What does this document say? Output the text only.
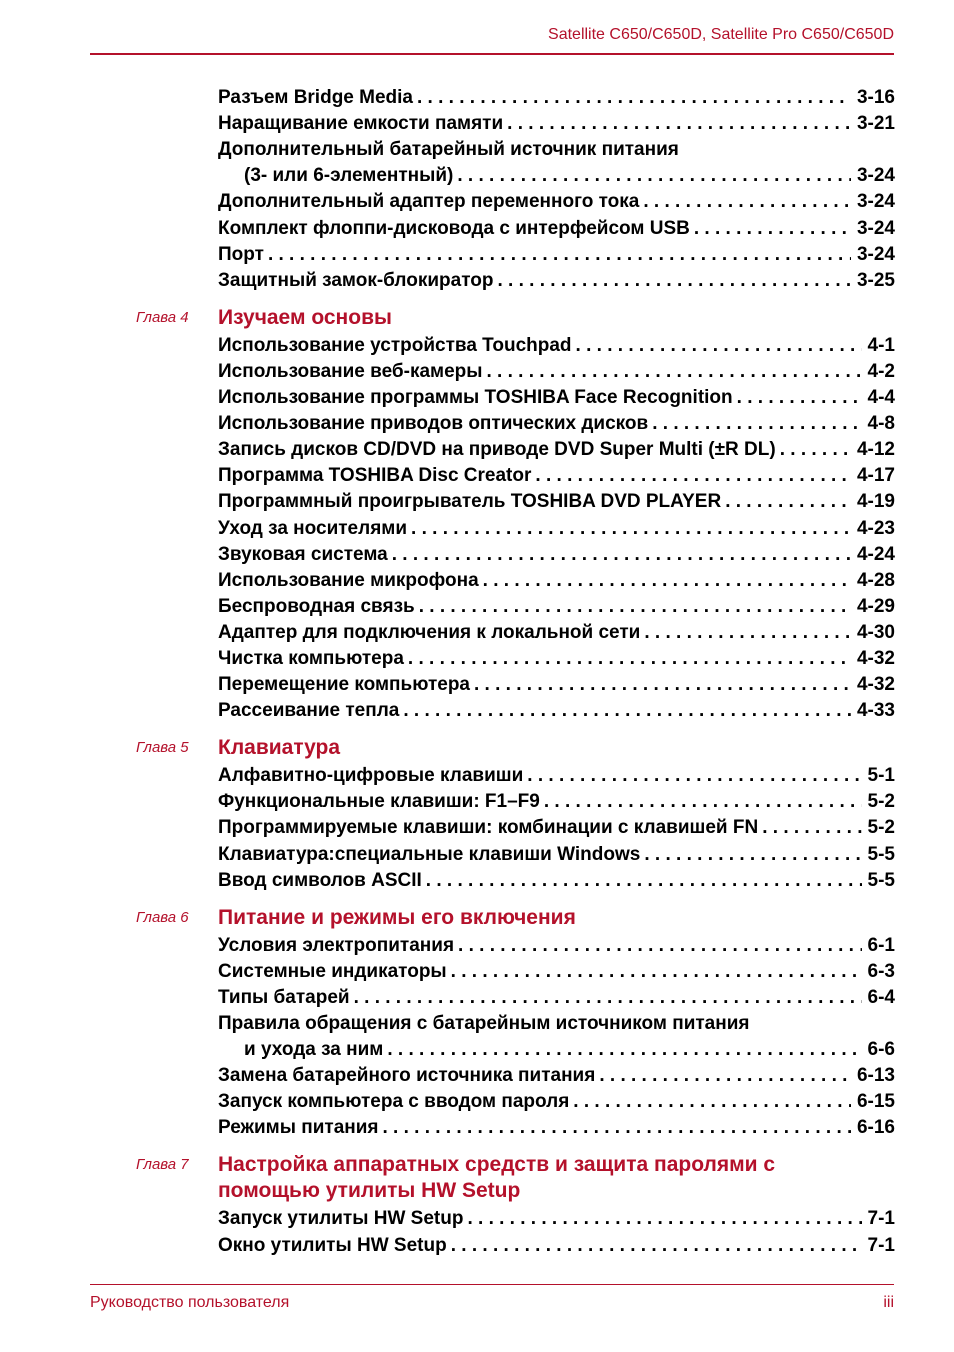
Satellite C650/C650D, Satellite Pro C650/C650D
Разъем Bridge Media . . .	3-16
Наращивание емкости памяти . . .	3-21
Дополнительный батарейный источник питания
(3- или 6-элементный) . . .	3-24
Дополнительный адаптер переменного тока . . .	3-24
Комплект флоппи-дисковода с интерфейсом USB . . .	3-24
Порт . . .	3-24
Защитный замок-блокиратор . . .	3-25
Глава 4	Изучаем основы
Использование устройства Touchpad . . .	4-1
Использование веб-камеры . . .	4-2
Использование программы TOSHIBA Face Recognition . . .	4-4
Использование приводов оптических дисков . . .	4-8
Запись дисков CD/DVD на приводе DVD Super Multi (±R DL) . . .	4-12
Программа TOSHIBA Disc Creator . . .	4-17
Программный проигрыватель TOSHIBA DVD PLAYER . . .	4-19
Уход за носителями . . .	4-23
Звуковая система . . .	4-24
Использование микрофона . . .	4-28
Беспроводная связь . . .	4-29
Адаптер для подключения к локальной сети . . .	4-30
Чистка компьютера . . .	4-32
Перемещение компьютера . . .	4-32
Рассеивание тепла . . .	4-33
Глава 5	Клавиатура
Алфавитно-цифровые клавиши . . .	5-1
Функциональные клавиши: F1–F9 . . .	5-2
Программируемые клавиши: комбинации с клавишей FN . . .	5-2
Клавиатура:специальные клавиши Windows . . .	5-5
Ввод символов ASCII . . .	5-5
Глава 6	Питание и режимы его включения
Условия электропитания . . .	6-1
Системные индикаторы . . .	6-3
Типы батарей . . .	6-4
Правила обращения с батарейным источником питания
и ухода за ним . . .	6-6
Замена батарейного источника питания . . .	6-13
Запуск компьютера с вводом пароля . . .	6-15
Режимы питания . . .	6-16
Глава 7	Настройка аппаратных средств и защита паролями с
помощью утилиты HW Setup
Запуск утилиты HW Setup . . .	7-1
Окно утилиты HW Setup . . .	7-1
Руководство пользователя	iii
